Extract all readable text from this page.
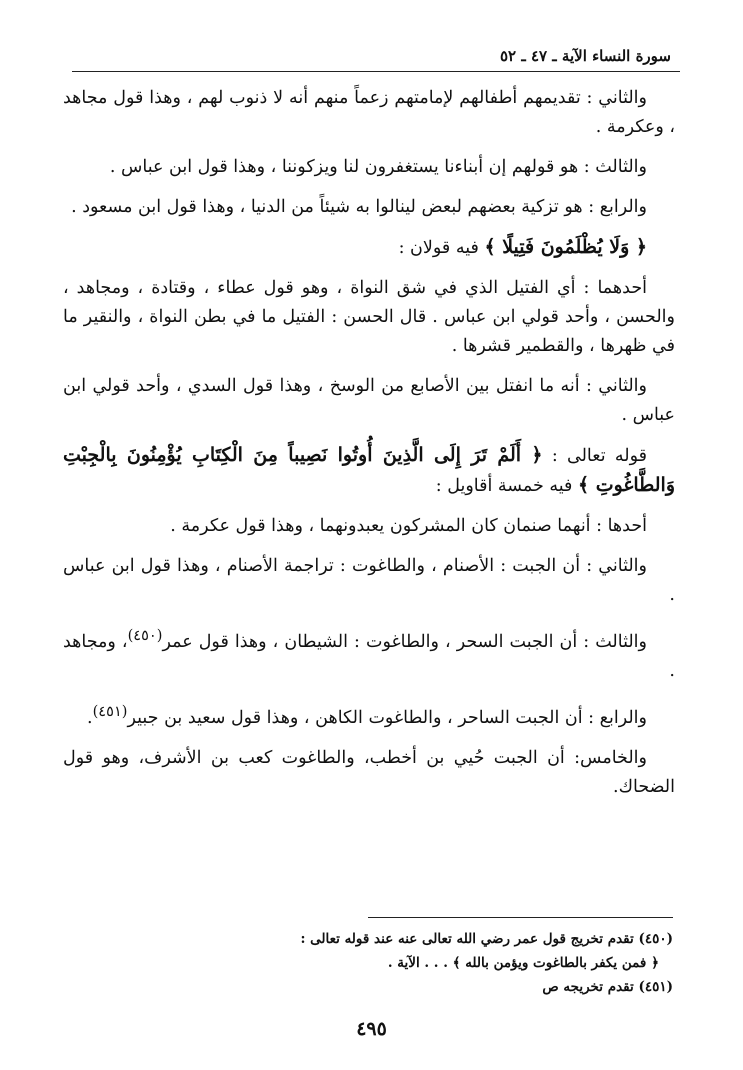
سورة النساء الآية ـ ٤٧ ـ ٥٢

والثاني : تقديمهم أطفالهم لإمامتهم زعماً منهم أنه لا ذنوب لهم ، وهذا قول مجاهد ، وعكرمة .

والثالث : هو قولهم إن أبناءنا يستغفرون لنا ويزكوننا ، وهذا قول ابن عباس .

والرابع : هو تزكية بعضهم لبعض لينالوا به شيئاً من الدنيا ، وهذا قول ابن مسعود .

﴿ وَلَا يُظْلَمُونَ فَتِيلًا ﴾ فيه قولان :

أحدهما : أي الفتيل الذي في شق النواة ، وهو قول عطاء ، وقتادة ، ومجاهد ، والحسن ، وأحد قولي ابن عباس . قال الحسن : الفتيل ما في بطن النواة ، والنقير ما في ظهرها ، والقطمير قشرها .

والثاني : أنه ما انفتل بين الأصابع من الوسخ ، وهذا قول السدي ، وأحد قولي ابن عباس .

قوله تعالى : ﴿ أَلَمْ تَرَ إِلَى الَّذِينَ أُوتُوا نَصِيباً مِنَ الْكِتَابِ يُؤْمِنُونَ بِالْجِبْتِ وَالطَّاغُوتِ ﴾ فيه خمسة أقاويل :

أحدها : أنهما صنمان كان المشركون يعبدونهما ، وهذا قول عكرمة .

والثاني : أن الجبت : الأصنام ، والطاغوت : تراجمة الأصنام ، وهذا قول ابن عباس .

والثالث : أن الجبت السحر ، والطاغوت : الشيطان ، وهذا قول عمر$^{(٤٥٠)}$، ومجاهد .

والرابع : أن الجبت الساحر ، والطاغوت الكاهن ، وهذا قول سعيد بن جبير$^{(٤٥١)}$.

والخامس: أن الجبت حُيي بن أخطب، والطاغوت كعب بن الأشرف، وهو قول الضحاك.

(٤٥٠) تقدم تخريج قول عمر رضي الله تعالى عنه عند قوله تعالى :

﴿ فمن يكفر بالطاغوت ويؤمن بالله ﴾ . . . الآية .

(٤٥١) تقدم تخريجه ص

٤٩٥
